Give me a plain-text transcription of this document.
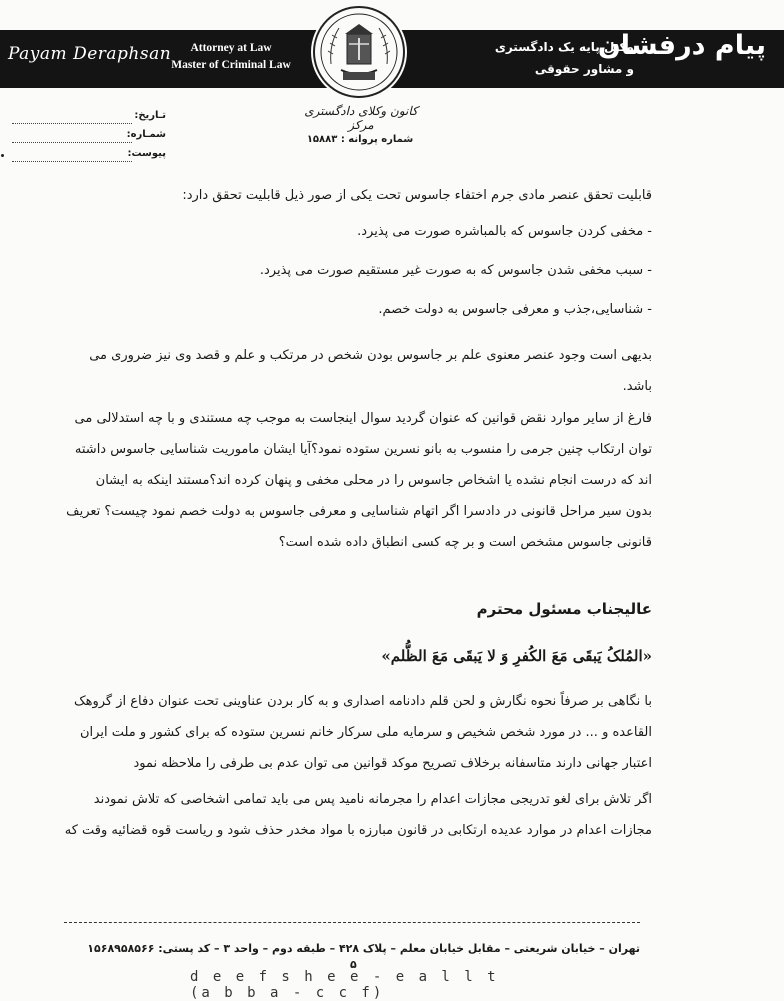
Payam Deraphsan	Attorney at Law
Master of Criminal Law
پیام درفشان
وکیل پایه یک دادگستری
و مشاور حقوقی
کانون وکلای دادگستری مرکز
شماره پروانه : ۱۵۸۸۳
تـاریخ:
شمـاره:
پیوست:
قابلیت تحقق عنصر مادی جرم اختفاء جاسوس تحت یکی از صور ذیل قابلیت تحقق دارد:
- مخفی کردن جاسوس که بالمباشره صورت می پذیرد.
- سبب مخفی شدن جاسوس که به صورت غیر مستقیم صورت می پذیرد.
- شناسایی،جذب و معرفی جاسوس به دولت خصم.
بدیهی است وجود عنصر معنوی علم بر جاسوس بودن شخص در مرتکب و علم و قصد وی نیز ضروری می
باشد.
فارغ از سایر موارد نقض قوانین که عنوان گردید سوال اینجاست به موجب چه مستندی و با چه استدلالی می
توان ارتکاب چنین جرمی را منسوب به بانو نسرین ستوده نمود؟آیا ایشان ماموریت شناسایی جاسوس داشته
اند که درست انجام نشده یا اشخاص جاسوس را در محلی مخفی و پنهان کرده اند؟مستند اینکه به ایشان
بدون سیر مراحل قانونی در دادسرا اگر اتهام شناسایی و معرفی جاسوس به دولت خصم نمود چیست؟ تعریف
قانونی جاسوس مشخص است و بر چه کسی انطباق داده شده است؟
عالیجناب مسئول محترم
«المُلکُ یَبقَی مَعَ الکُفرِ وَ لا یَبقَی مَعَ الظُّلم»
با نگاهی بر صرفاً نحوه نگارش و لحن قلم دادنامه اصداری و به کار بردن عناوینی تحت عنوان دفاع از گروهک
القاعده و ... در مورد شخص شخیص و سرمایه ملی سرکار خانم نسرین ستوده که برای کشور و ملت ایران
اعتبار جهانی دارند متاسفانه برخلاف تصریح موکد قوانین می توان عدم بی طرفی را ملاحظه نمود
اگر تلاش برای لغو تدریجی مجازات اعدام را مجرمانه نامید پس می باید تمامی اشخاصی که تلاش نمودند
مجازات اعدام در موارد عدیده ارتکابی در قانون مبارزه با مواد مخدر حذف شود و ریاست قوه قضائیه وقت که
تهران – خیابان شریعتی – مقابل خیابان معلم – پلاک ۴۲۸ – طبقه دوم – واحد ۳ – کد پستی: ۱۵۶۸۹۵۸۵۶۶
۵
d e e f s h e e - e a l l t (a b b a - c c f)
